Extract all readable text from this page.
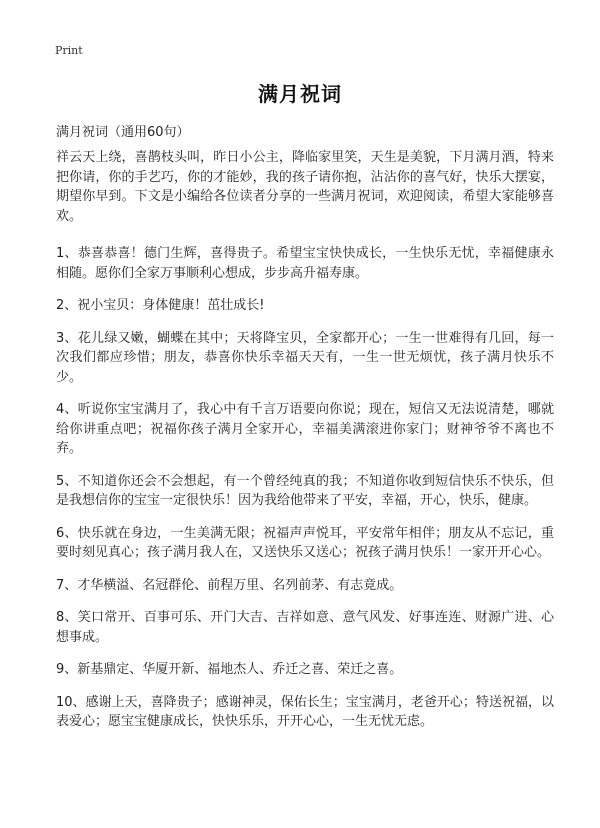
Print
满月祝词
满月祝词（通用60句）

祥云天上绕，喜鹊枝头叫，昨日小公主，降临家里笑，天生是美貌，下月满月酒，特来把你请，你的手艺巧，你的才能妙，我的孩子请你抱，沾沾你的喜气好，快乐大摆宴，期望你早到。下文是小编给各位读者分享的一些满月祝词，欢迎阅读，希望大家能够喜欢。

1、恭喜恭喜！德门生辉，喜得贵子。希望宝宝快快成长，一生快乐无忧，幸福健康永相随。愿你们全家万事顺利心想成，步步高升福寿康。

2、祝小宝贝：身体健康！茁壮成长!

3、花儿绿又嫩，蝴蝶在其中；天将降宝贝，全家都开心；一生一世难得有几回，每一次我们都应珍惜；朋友，恭喜你快乐幸福天天有，一生一世无烦忧，孩子满月快乐不少。

4、听说你宝宝满月了，我心中有千言万语要向你说；现在，短信又无法说清楚，哪就给你讲重点吧；祝福你孩子满月全家开心，幸福美满滚进你家门；财神爷爷不离也不弃。

5、不知道你还会不会想起，有一个曾经纯真的我；不知道你收到短信快乐不快乐，但是我想信你的宝宝一定很快乐！因为我给他带来了平安，幸福，开心，快乐，健康。

6、快乐就在身边，一生美满无限；祝福声声悦耳，平安常年相伴；朋友从不忘记，重要时刻见真心；孩子满月我人在，又送快乐又送心；祝孩子满月快乐！一家开开心心。

7、才华横溢、名冠群伦、前程万里、名列前茅、有志竟成。

8、笑口常开、百事可乐、开门大吉、吉祥如意、意气风发、好事连连、财源广进、心想事成。

9、新基鼎定、华厦开新、福地杰人、乔迁之喜、荣迁之喜。

10、感谢上天，喜降贵子；感谢神灵，保佑长生；宝宝满月，老爸开心；特送祝福，以表爱心；愿宝宝健康成长，快快乐乐，开开心心，一生无忧无虑。
